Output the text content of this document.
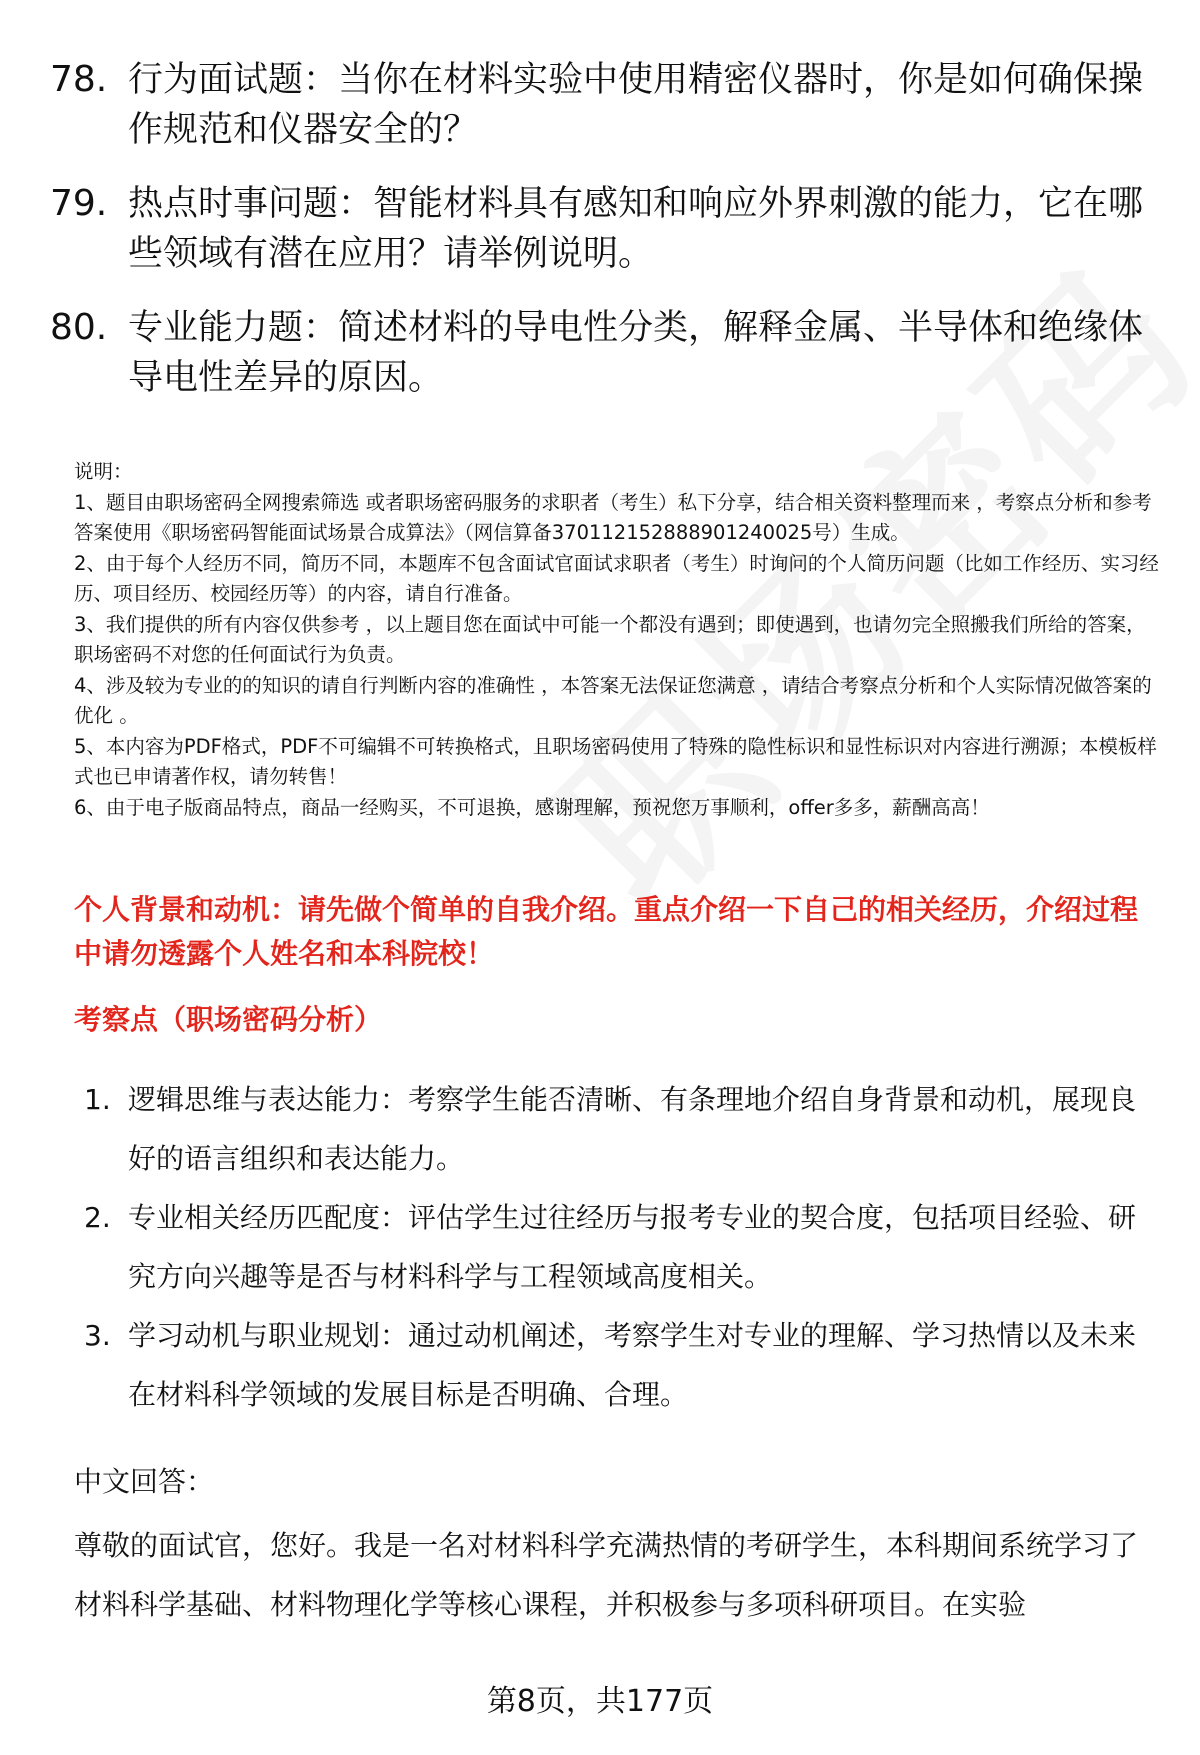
78. 行为面试题：当你在材料实验中使用精密仪器时，你是如何确保操作规范和仪器安全的？
79. 热点时事问题：智能材料具有感知和响应外界刺激的能力，它在哪些领域有潜在应用？请举例说明。
80. 专业能力题：简述材料的导电性分类，解释金属、半导体和绝缘体导电性差异的原因。

说明：

1、题目由职场密码全网搜索筛选 或者职场密码服务的求职者（考生）私下分享，结合相关资料整理而来 ，考察点分析和参考答案使用《职场密码智能面试场景合成算法》（网信算备370112152888901240025号）生成。

2、由于每个人经历不同，简历不同，本题库不包含面试官面试求职者（考生）时询问的个人简历问题（比如工作经历、实习经历、项目经历、校园经历等）的内容，请自行准备。

3、我们提供的所有内容仅供参考 ，以上题目您在面试中可能一个都没有遇到；即使遇到，也请勿完全照搬我们所给的答案，职场密码不对您的任何面试行为负责。

4、涉及较为专业的的知识的请自行判断内容的准确性 ，本答案无法保证您满意 ，请结合考察点分析和个人实际情况做答案的优化 。

5、本内容为PDF格式，PDF不可编辑不可转换格式，且职场密码使用了特殊的隐性标识和显性标识对内容进行溯源；本模板样式也已申请著作权，请勿转售！

6、由于电子版商品特点，商品一经购买，不可退换，感谢理解，预祝您万事顺利，offer多多，薪酬高高！

个人背景和动机：请先做个简单的自我介绍。重点介绍一下自己的相关经历，介绍过程中请勿透露个人姓名和本科院校！
考察点（职场密码分析）
1. 逻辑思维与表达能力：考察学生能否清晰、有条理地介绍自身背景和动机，展现良好的语言组织和表达能力。
2. 专业相关经历匹配度：评估学生过往经历与报考专业的契合度，包括项目经验、研究方向兴趣等是否与材料科学与工程领域高度相关。
3. 学习动机与职业规划：通过动机阐述，考察学生对专业的理解、学习热情以及未来在材料科学领域的发展目标是否明确、合理。
中文回答：
尊敬的面试官，您好。我是一名对材料科学充满热情的考研学生，本科期间系统学习了材料科学基础、材料物理化学等核心课程，并积极参与多项科研项目。在实验
第8页，共177页
